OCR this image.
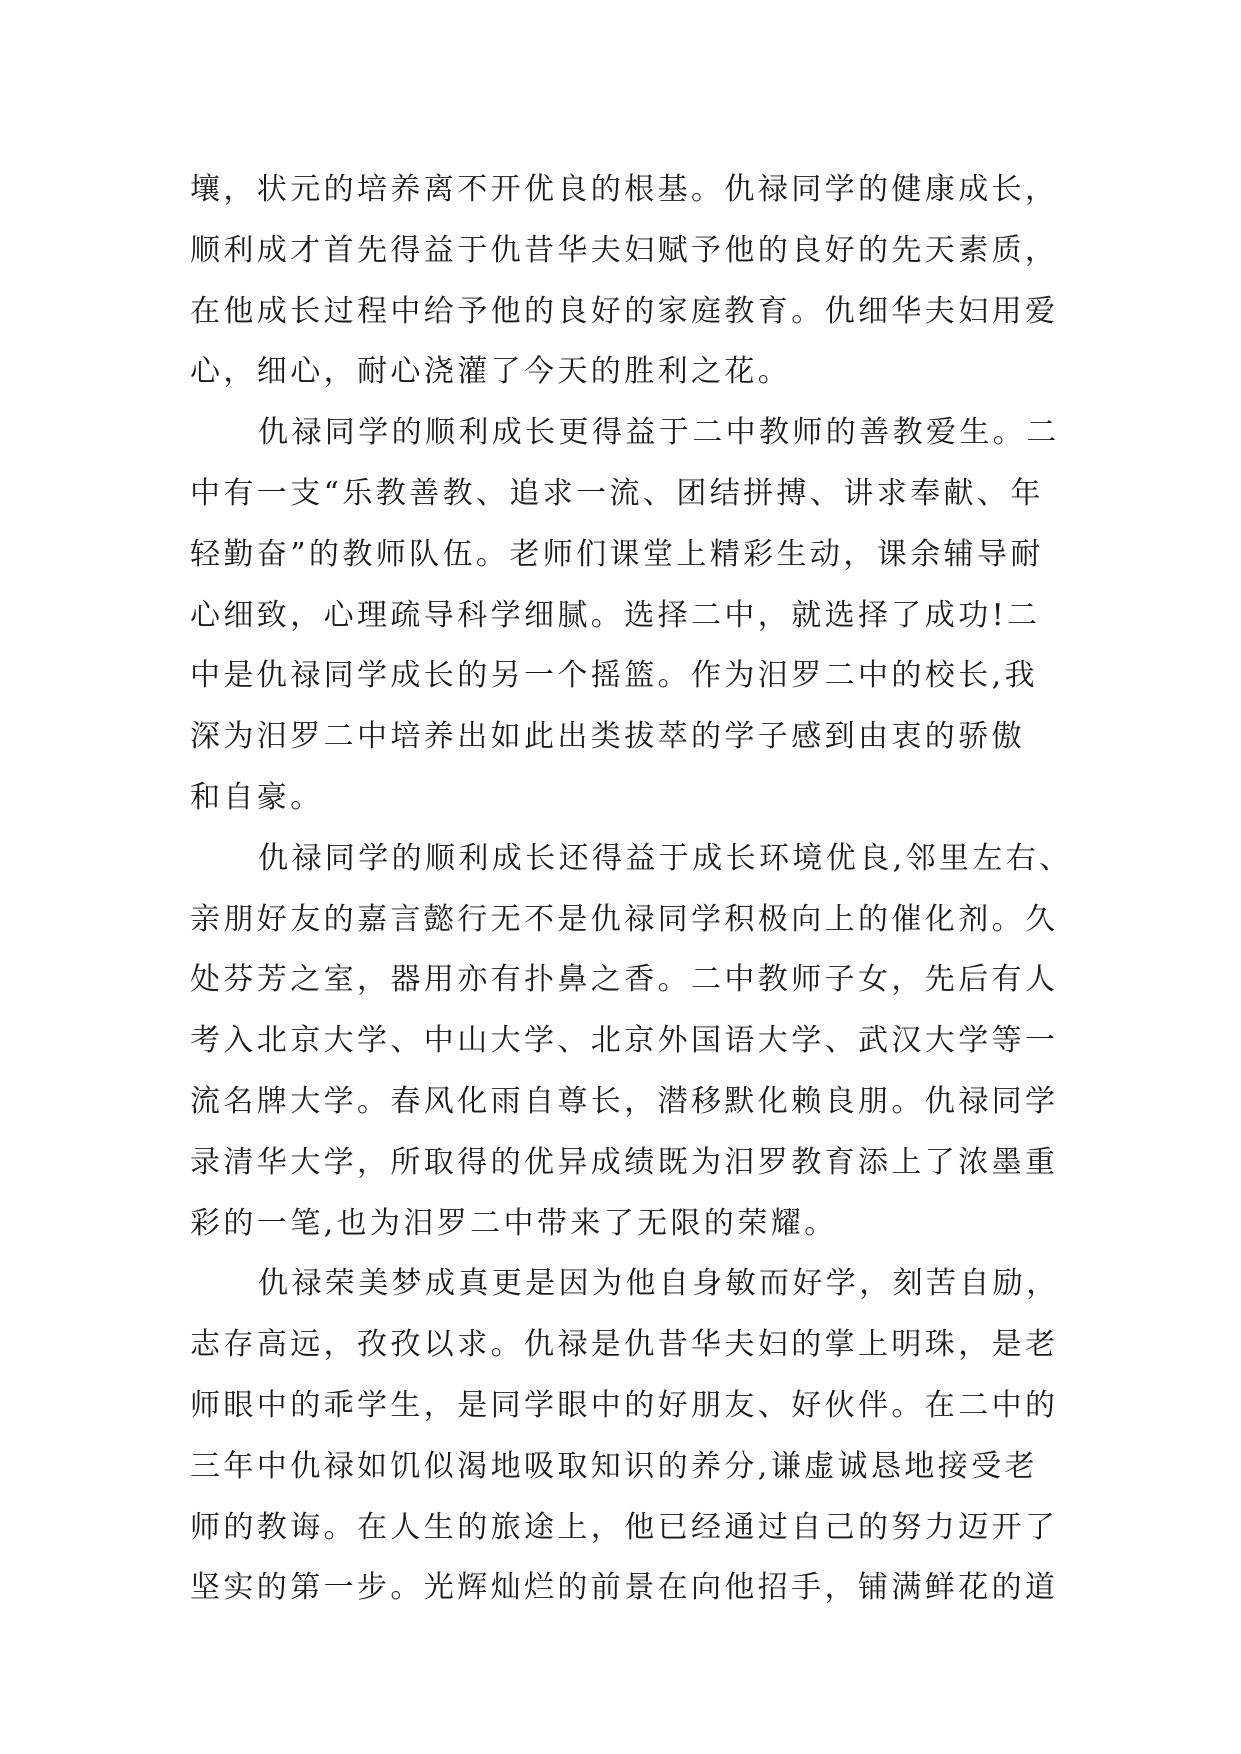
壤，状元的培养离不开优良的根基。仇禄同学的健康成长，
顺利成才首先得益于仇昔华夫妇赋予他的良好的先天素质，
在他成长过程中给予他的良好的家庭教育。仇细华夫妇用爱
心，细心，耐心浇灌了今天的胜利之花。
仇禄同学的顺利成长更得益于二中教师的善教爱生。二
中有一支“乐教善教、追求一流、团结拼搏、讲求奉献、年
轻勤奋”的教师队伍。老师们课堂上精彩生动，课余辅导耐
心细致，心理疏导科学细腻。选择二中，就选择了成功!二
中是仇禄同学成长的另一个摇篮。作为汨罗二中的校长,我
深为汨罗二中培养出如此出类拔萃的学子感到由衷的骄傲
和自豪。
仇禄同学的顺利成长还得益于成长环境优良,邻里左右、
亲朋好友的嘉言懿行无不是仇禄同学积极向上的催化剂。久
处芬芳之室，器用亦有扑鼻之香。二中教师子女，先后有人
考入北京大学、中山大学、北京外国语大学、武汉大学等一
流名牌大学。春风化雨自尊长，潜移默化赖良朋。仇禄同学
录清华大学，所取得的优异成绩既为汨罗教育添上了浓墨重
彩的一笔,也为汨罗二中带来了无限的荣耀。
仇禄荣美梦成真更是因为他自身敏而好学，刻苦自励，
志存高远，孜孜以求。仇禄是仇昔华夫妇的掌上明珠，是老
师眼中的乖学生，是同学眼中的好朋友、好伙伴。在二中的
三年中仇禄如饥似渴地吸取知识的养分,谦虚诚恳地接受老
师的教诲。在人生的旅途上，他已经通过自己的努力迈开了
坚实的第一步。光辉灿烂的前景在向他招手，铺满鲜花的道
